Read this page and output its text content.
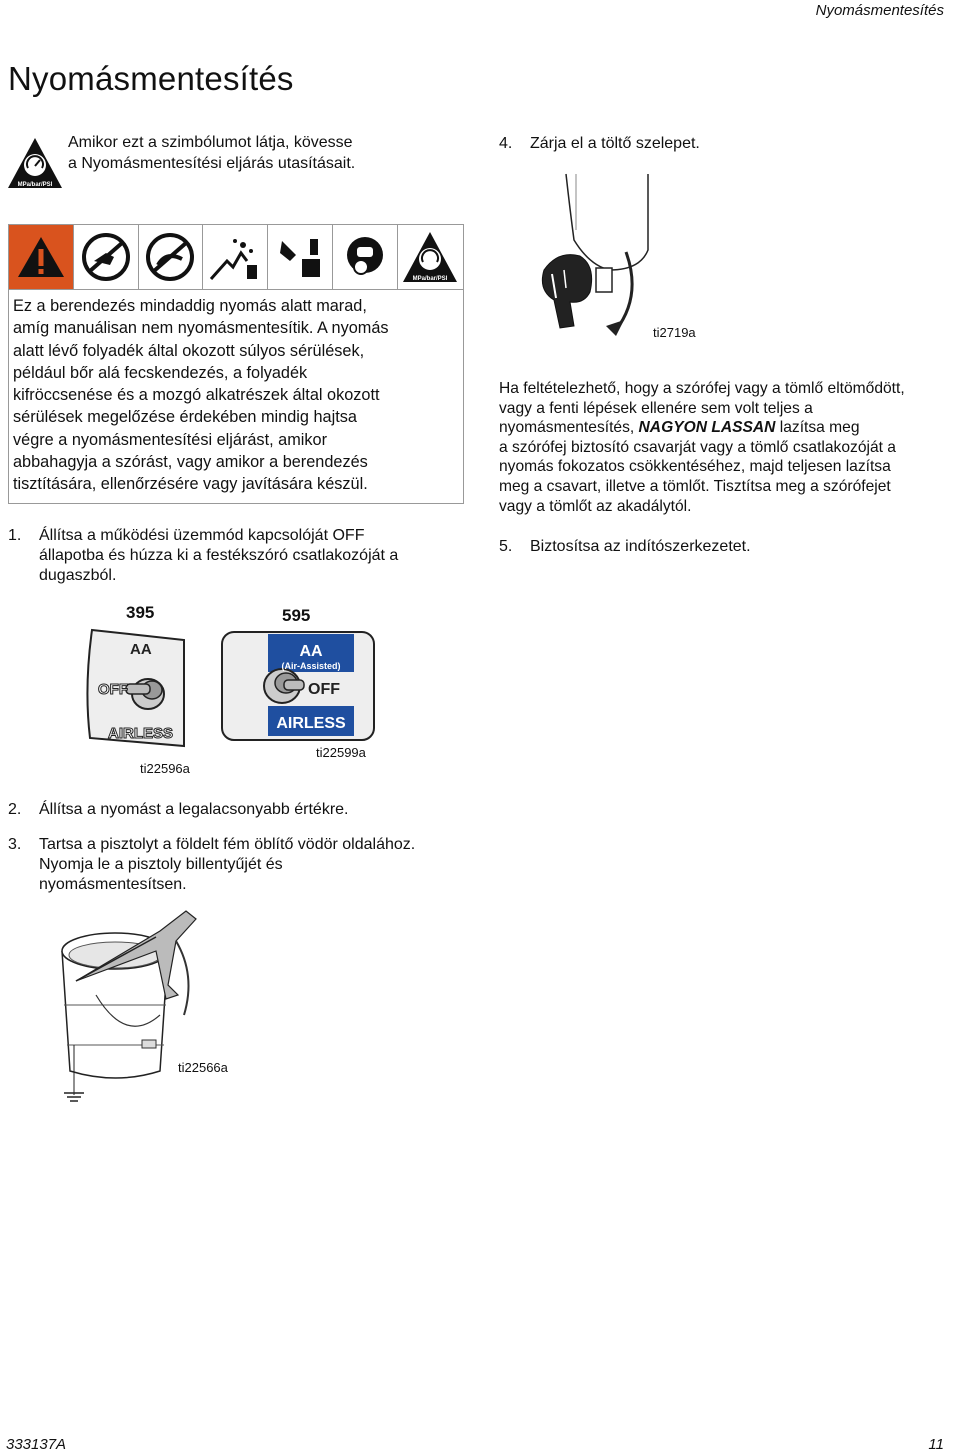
Nyomásmentesítés
Nyomásmentesítés
MPa/bar/PSI
Amikor ezt a szimbólumot látja, kövesse
a Nyomásmentesítési eljárás utasításait.
MPa/bar/PSI
Ez a berendezés mindaddig nyomás alatt marad,
amíg manuálisan nem nyomásmentesítik. A nyomás
alatt lévő folyadék által okozott súlyos sérülések,
például bőr alá fecskendezés, a folyadék
kifröccsenése és a mozgó alkatrészek által okozott
sérülések megelőzése érdekében mindig hajtsa
végre a nyomásmentesítési eljárást, amikor
abbahagyja a szórást, vagy amikor a berendezés
tisztítására, ellenőrzésére vagy javítására készül.
1. Állítsa a működési üzemmód kapcsolóját OFF
állapotba és húzza ki a festékszóró csatlakozóját a
dugaszból.
395	595
AA
OFF
AIRLESS
ti22596a
AA
(Air-Assisted)
OFF
AIRLESS
ti22599a
2. Állítsa a nyomást a legalacsonyabb értékre.
3. Tartsa a pisztolyt a földelt fém öblítő vödör oldalához.
Nyomja le a pisztoly billentyűjét és
nyomásmentesítsen.
ti22566a
4. Zárja el a töltő szelepet.
ti2719a
Ha feltételezhető, hogy a szórófej vagy a tömlő eltömődött,
vagy a fenti lépések ellenére sem volt teljes a
nyomásmentesítés, NAGYON LASSAN lazítsa meg
a szórófej biztosító csavarját vagy a tömlő csatlakozóját a
nyomás fokozatos csökkentéséhez, majd teljesen lazítsa
meg a csavart, illetve a tömlőt. Tisztítsa meg a szórófejet
vagy a tömlőt az akadálytól.
5. Biztosítsa az indítószerkezetet.
333137A	11
